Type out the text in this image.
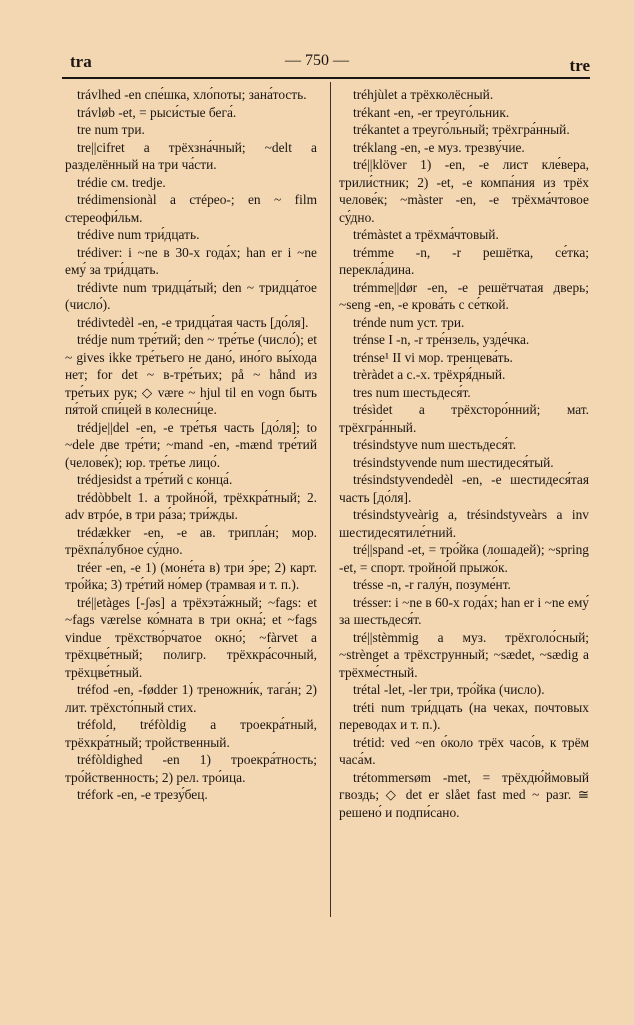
tra	— 750 —	tre

trávlhed -en спе́шка, хло́поты; зана́тость.

trávløb -et, = рыси́стые бега́.

tre num три.

tre||cifret a трёхзна́чный; ~delt a разделённый на три ча́сти.

trédie см. tredje.

trédimensionàl a стéрео-; en ~ film стереофи́льм.

trédive num три́дцать.

trédiver: i ~ne в 30-х года́х; han er i ~ne ему́ за три́дцать.

trédivte num тридца́тый; den ~ тридца́тое (число́).

trédivtedèl -en, -e тридца́тая часть [до́ля].

trédje num тре́тий; den ~ тре́тье (число́); et ~ gives ikke тре́тьего не дано́, ино́го вы́хода нет; for det ~ в-тре́тьих; på ~ hånd из тре́тьих рук; ◇ være ~ hjul til en vogn быть пя́той спи́цей в колесни́це.

trédje||del -en, -e тре́тья часть [до́ля]; to ~dele две тре́ти; ~mand -en, -mænd тре́тий (челове́к); юр. тре́тье лицо́.

trédjesidst a тре́тий с конца́.

trédòbbelt 1. a тройно́й, трёхкра́тный; 2. adv втрóе, в три ра́за; три́жды.

trédækker -en, -e ав. трипла́н; мор. трёхпа́лубное су́дно.

tréer -en, -e 1) (моне́та в) три э́ре; 2) карт. тро́йка; 3) тре́тий но́мер (трамвая и т. п.).

tré||etàges [-ʃəs] a трёхэта́жный; ~fags: et ~fags værelse ко́мната в три окна́; et ~fags vindue трёхство́рчатое окно́; ~fàrvet a трёхцве́тный; полигр. трёхкра́сочный, трёхцве́тный.

tréfod -en, -fødder 1) треножни́к, тага́н; 2) лит. трёхсто́пный стих.

tréfold, tréfòldig a троекра́тный, трёхкра́тный; тройственный.

tréfòldighed -en 1) троекра́тность; тро́йственность; 2) рел. тро́ица.

tréfork -en, -e трезу́бец.

tréhjùlet a трёхколёсный.

trékant -en, -er треуго́льник.

trékantet a треуго́льный; трёхгра́нный.

tréklang -en, -e муз. трезву́чие.

tré||klöver 1) -en, -e лист кле́вера, трили́стник; 2) -et, -e компа́ния из трёх челове́к; ~màster -en, -e трёхма́чтовое су́дно.

trémàstet a трёхма́чтовый.

trémme -n, -r решётка, се́тка; перекла́дина.

trémme||dør -en, -e решётчатая дверь; ~seng -en, -e крова́ть с се́ткой.

trénde num уст. три.

trénse I -n, -r тре́нзель, узде́чка.

trénse¹ II vi мор. тренцева́ть.

trèràdet a с.-х. трёхря́дный.

tres num шестьдеся́т.

trésìdet a трёхсторо́нний; мат. трёхгра́нный.

trésindstyve num шестьдеся́т.

trésindstyvende num шестидеся́тый.

trésindstyvendedèl -en, -e шестидеся́тая часть [до́ля].

trésindstyveàrig a, trésindstyveàrs a inv шестидесятиле́тний.

tré||spand -et, = тро́йка (лошадей); ~spring -et, = спорт. тройно́й прыжо́к.

trésse -n, -r галу́н, позуме́нт.

trésser: i ~ne в 60-х года́х; han er i ~ne ему́ за шестьдеся́т.

tré||stèmmig a муз. трёхголо́сный; ~strènget a трёхструнный; ~sædet, ~sædig a трёхме́стный.

trétal -let, -ler три, тро́йка (число).

tréti num три́дцать (на чеках, почтовых переводах и т. п.).

trétid: ved ~en о́коло трёх часо́в, к трём часа́м.

trétommersøm -met, = трёхдю́ймовый гвоздь; ◇ det er slået fast med ~ разг. ≅ решено́ и подпи́сано.
